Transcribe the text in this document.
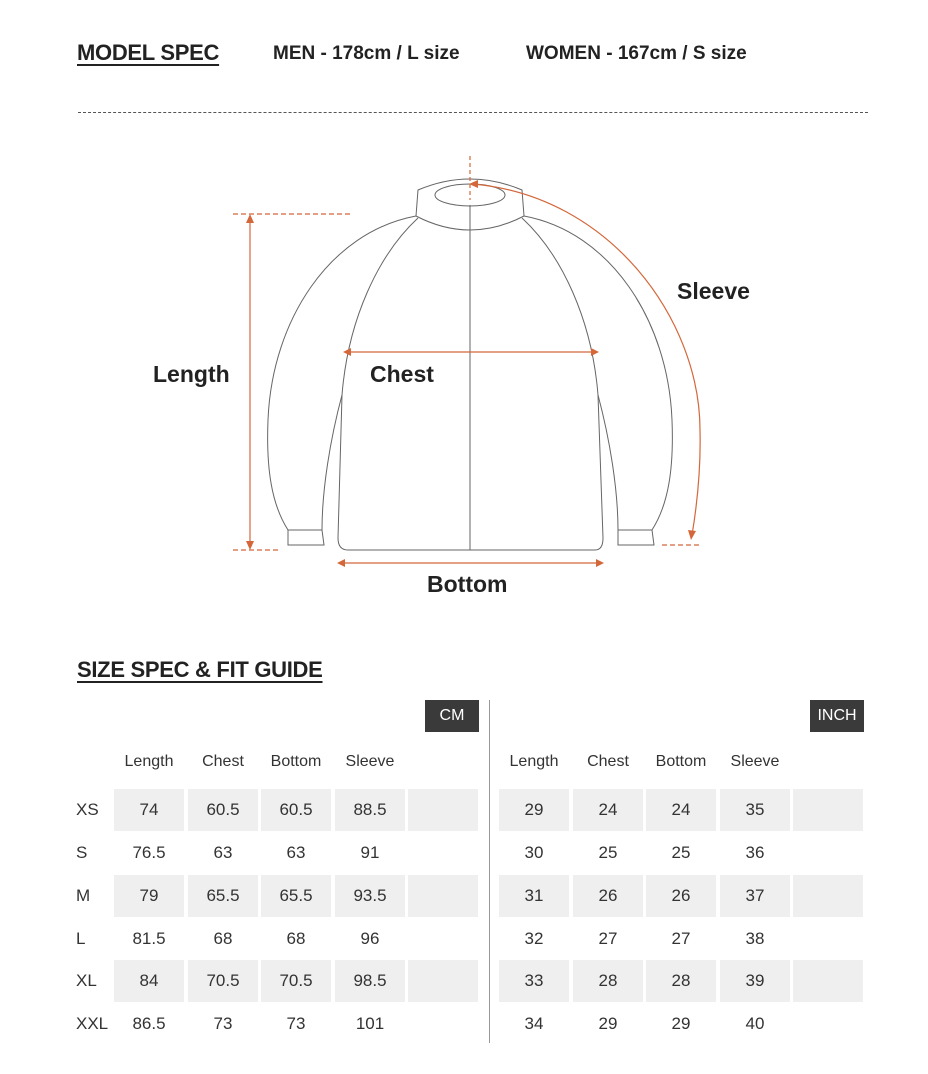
MODEL SPEC	MEN - 178cm / L size	WOMEN - 167cm / S size
Length	Chest
Sleeve
Bottom
SIZE SPEC & FIT GUIDE
CM	INCH
Length	Chest	Bottom	Sleeve	Length	Chest	Bottom	Sleeve
XS	74	60.5	60.5	88.5	29	24	24	35
S	76.5	63	63	91	30	25	25	36
M	79	65.5	65.5	93.5	31	26	26	37
L	81.5	68	68	96	32	27	27	38
XL	84	70.5	70.5	98.5	33	28	28	39
XXL	86.5	73	73	101	34	29	29	40
